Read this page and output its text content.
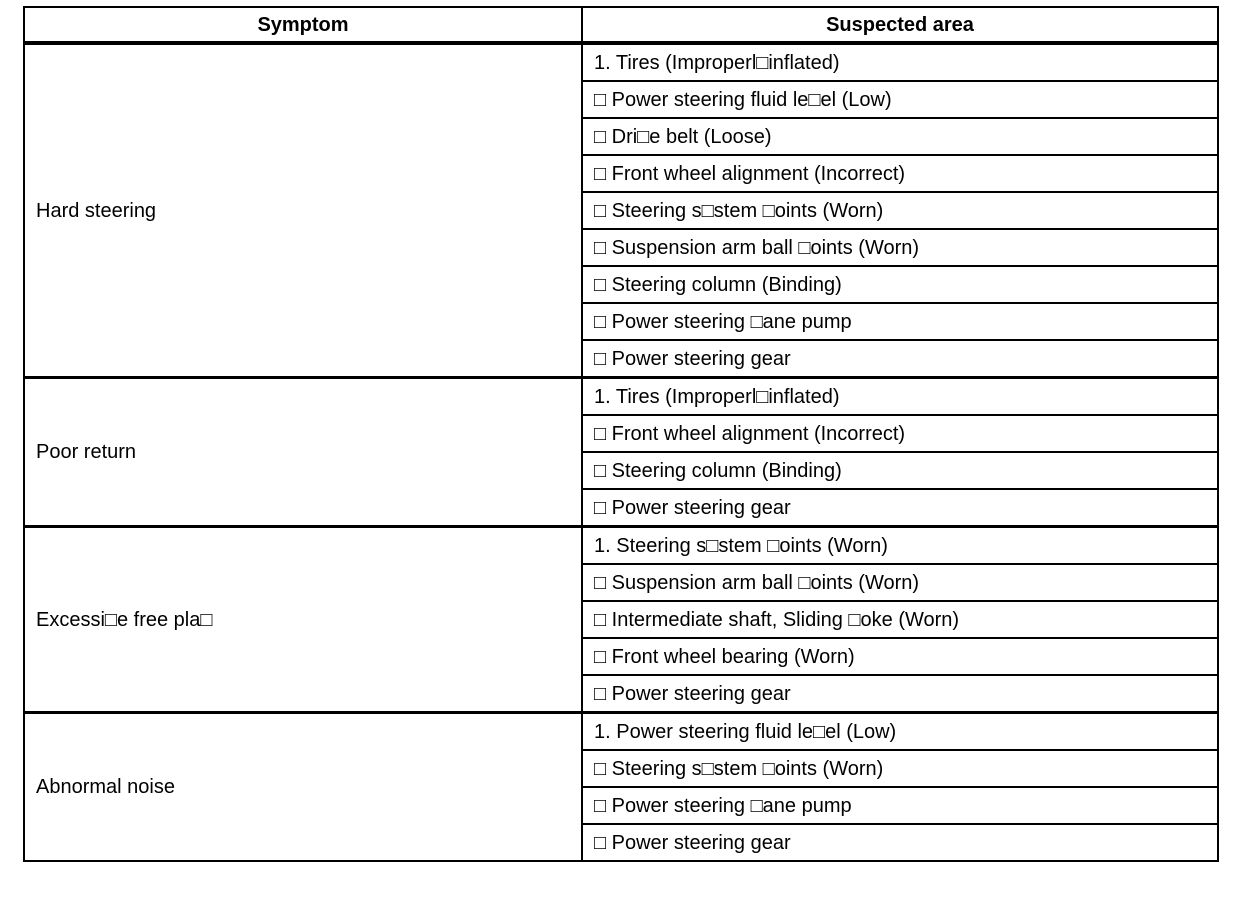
Symptom	Suspected area
Hard steering	1. Tires (Improperl□inflated)
	□ Power steering fluid le□el (Low)
	□ Dri□e belt (Loose)
	□ Front wheel alignment (Incorrect)
	□ Steering s□stem □oints (Worn)
	□ Suspension arm ball □oints (Worn)
	□ Steering column (Binding)
	□ Power steering □ane pump
	□ Power steering gear
Poor return	1. Tires (Improperl□inflated)
	□ Front wheel alignment (Incorrect)
	□ Steering column (Binding)
	□ Power steering gear
Excessi□e free pla□	1. Steering s□stem □oints (Worn)
	□ Suspension arm ball □oints (Worn)
	□ Intermediate shaft, Sliding □oke (Worn)
	□ Front wheel bearing (Worn)
	□ Power steering gear
Abnormal noise	1. Power steering fluid le□el (Low)
	□ Steering s□stem □oints (Worn)
	□ Power steering □ane pump
	□ Power steering gear
